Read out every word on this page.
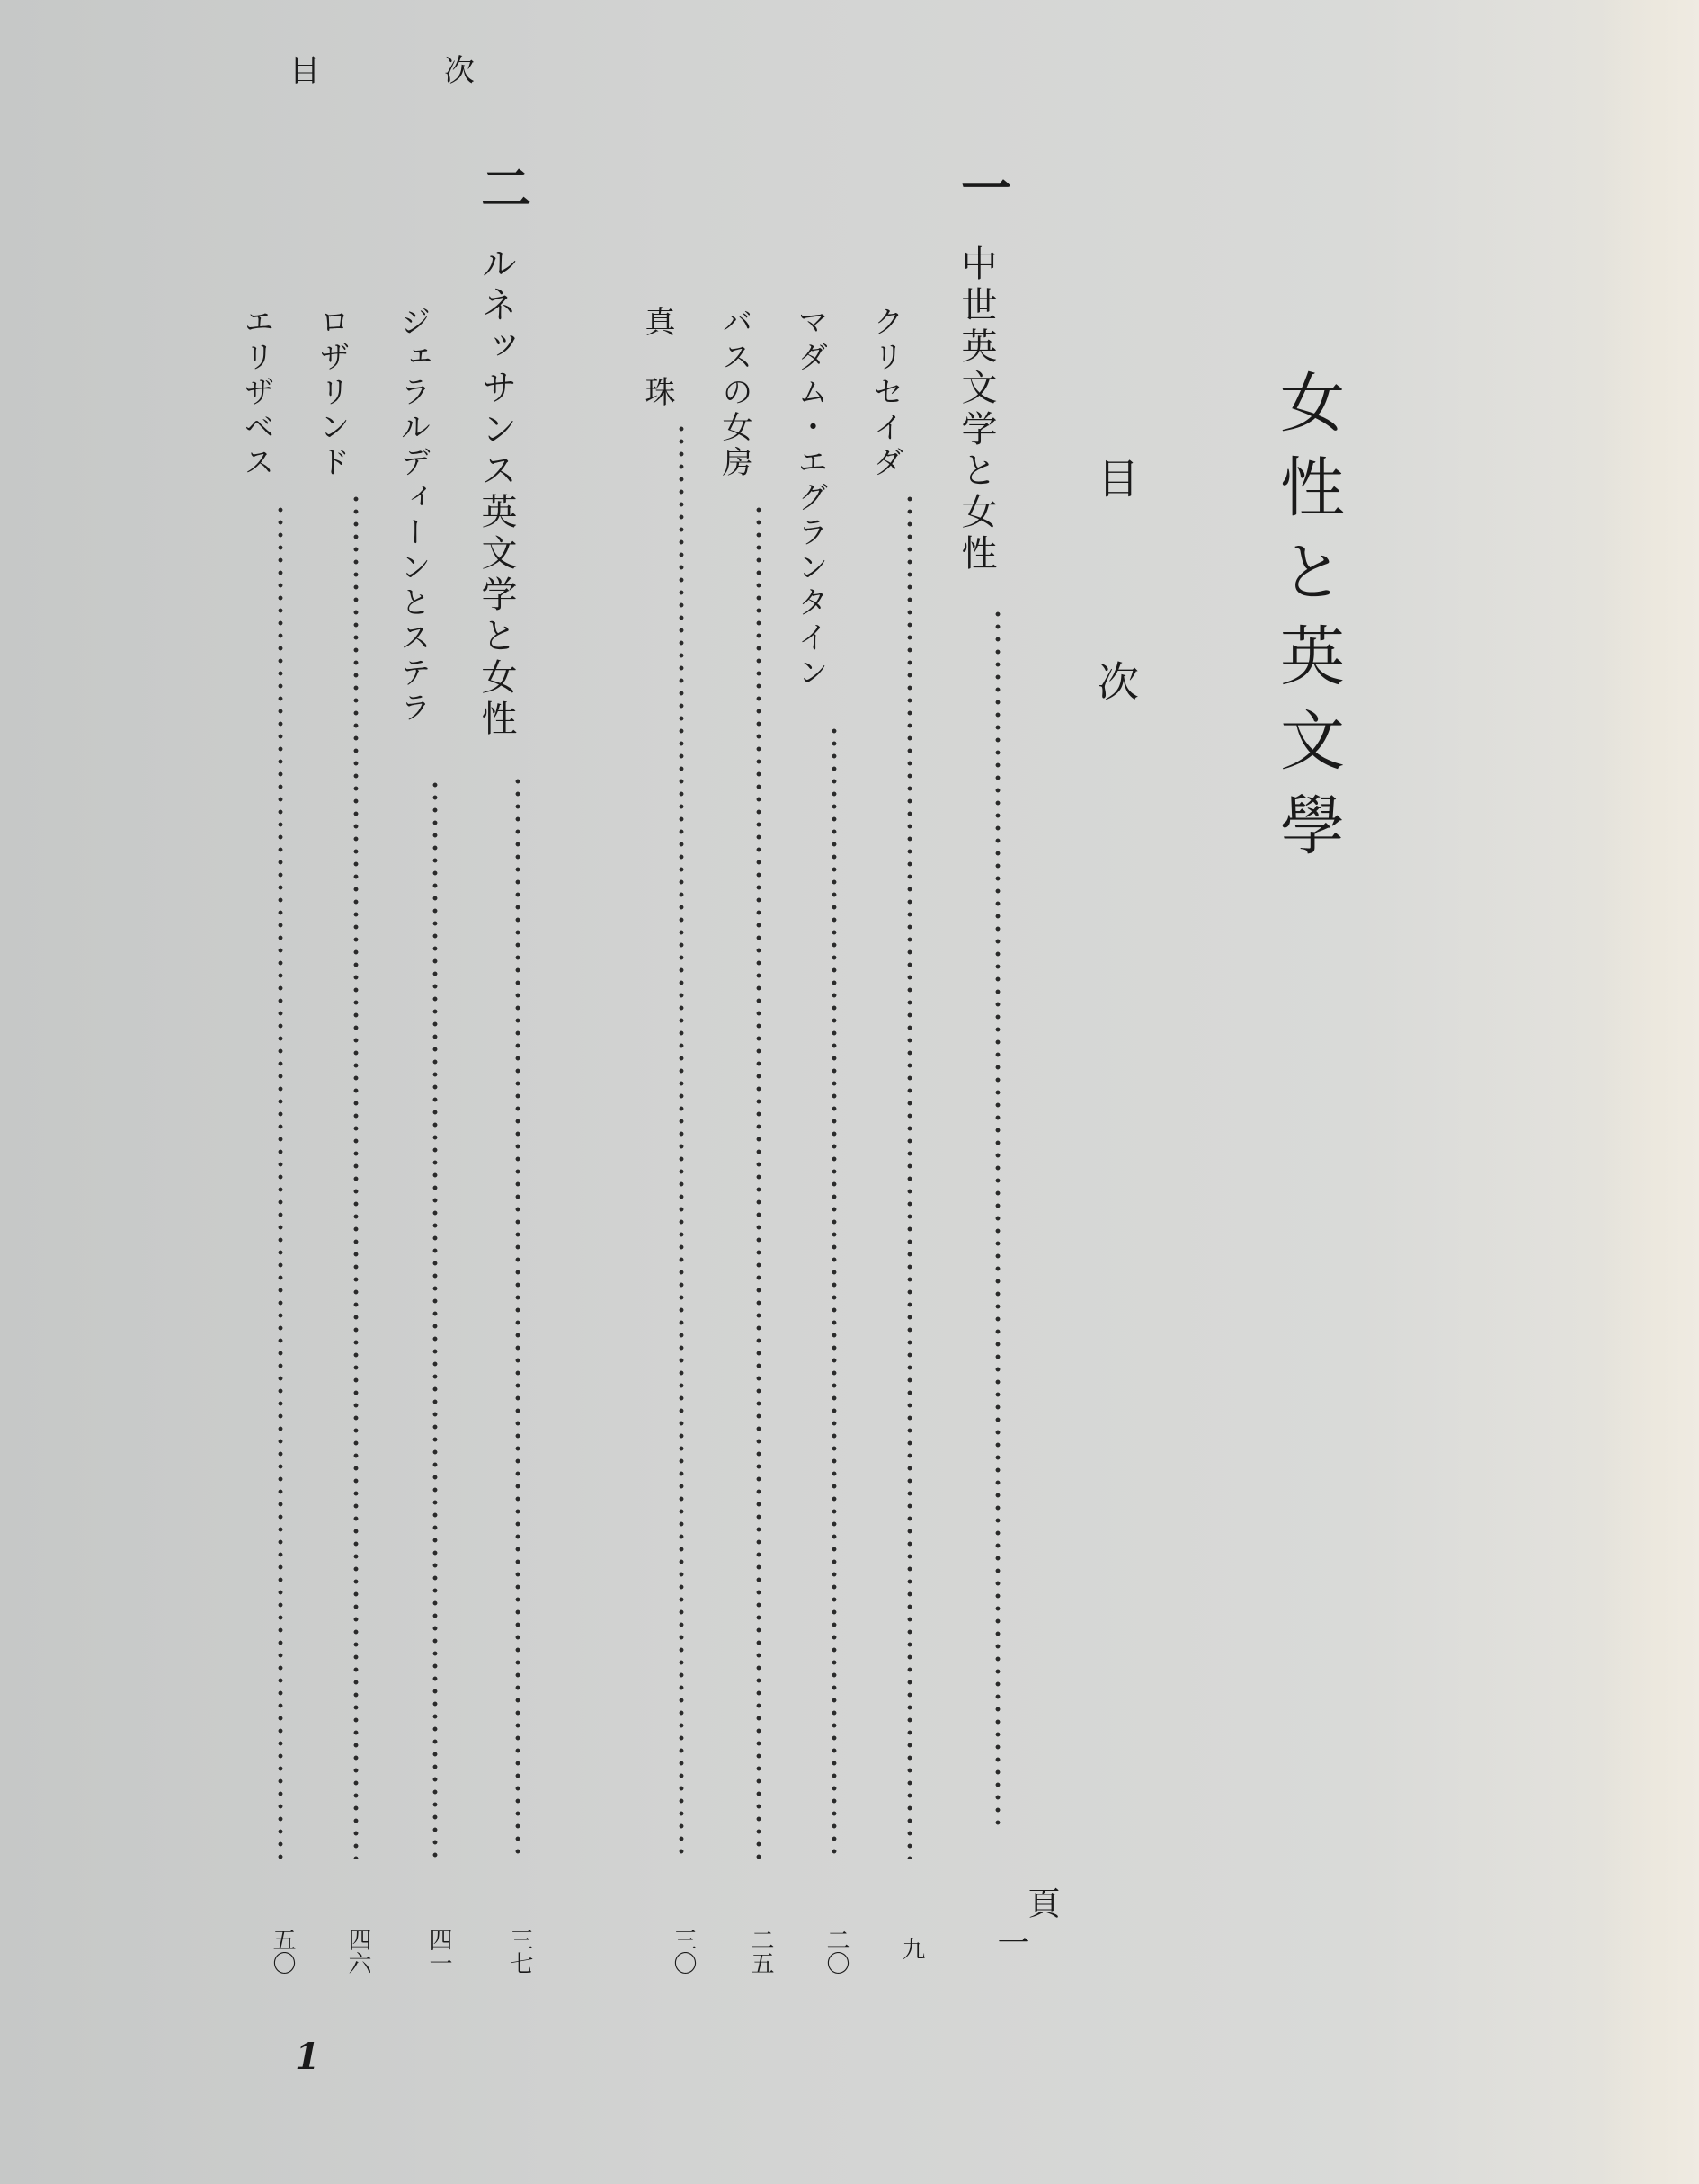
目	次
女性と英文學
目
次
頁
一
中世英文学と女性
一
クリセイダ
九
マダム・エグランタイン
二〇
バスの女房
二五
真　珠
三〇
二
ルネッサンス英文学と女性
三七
ジェラルディーンとステラ
四一
ロザリンド
四六
エリザベス
五〇
1
